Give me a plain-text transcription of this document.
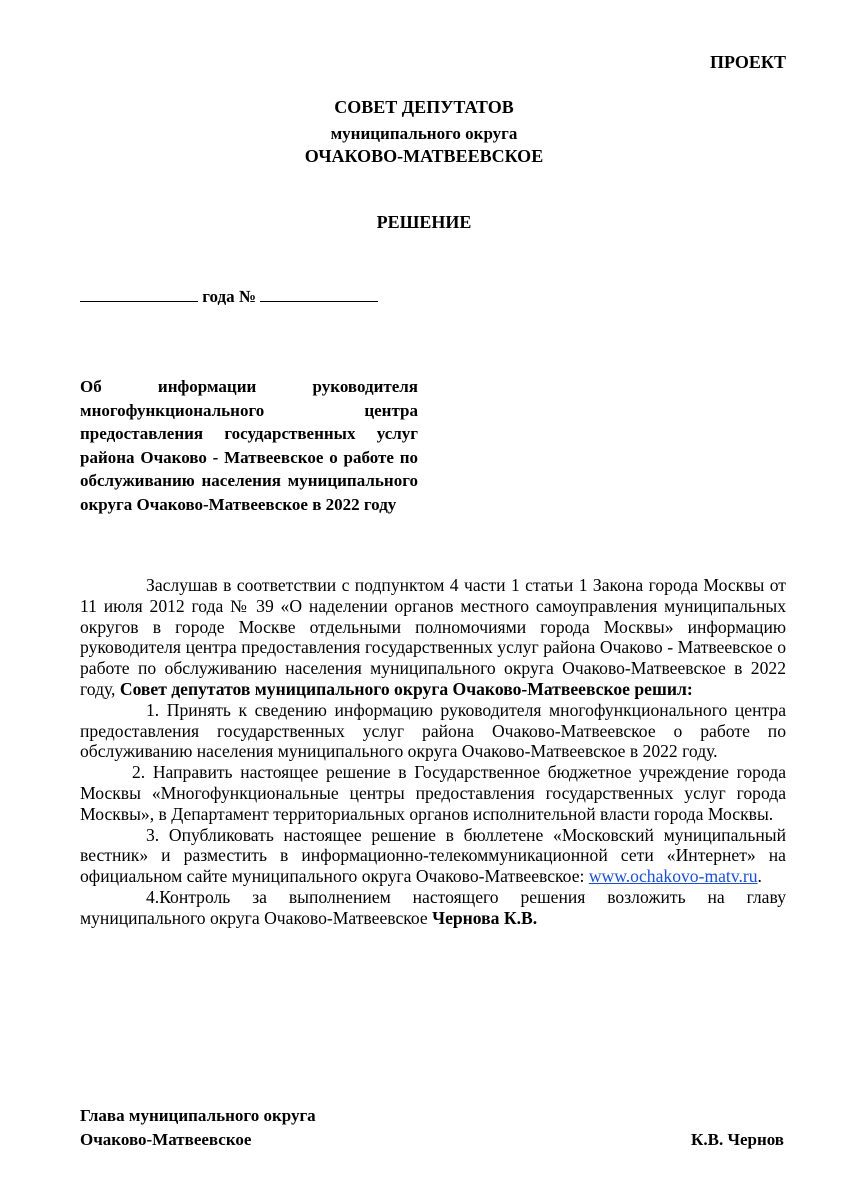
ПРОЕКТ
СОВЕТ ДЕПУТАТОВ
муниципального округа
ОЧАКОВО-МАТВЕЕВСКОЕ
РЕШЕНИЕ
года №
Об информации руководителя многофункционального центра предоставления государственных услуг района Очаково - Матвеевское о работе по обслуживанию населения муниципального округа Очаково-Матвеевское в 2022 году

Заслушав в соответствии с подпунктом 4 части 1 статьи 1 Закона города Москвы от 11 июля 2012 года № 39 «О наделении органов местного самоуправления муниципальных округов в городе Москве отдельными полномочиями города Москвы» информацию руководителя центра предоставления государственных услуг района Очаково - Матвеевское о работе по обслуживанию населения муниципального округа Очаково-Матвеевское в 2022 году, Совет депутатов муниципального округа Очаково-Матвеевское решил:

1. Принять к сведению информацию руководителя многофункционального центра предоставления государственных услуг района Очаково-Матвеевское о работе по обслуживанию населения муниципального округа Очаково-Матвеевское в 2022 году.

2. Направить настоящее решение в Государственное бюджетное учреждение города Москвы «Многофункциональные центры предоставления государственных услуг города Москвы», в Департамент территориальных органов исполнительной власти города Москвы.

3. Опубликовать настоящее решение в бюллетене «Московский муниципальный вестник» и разместить в информационно-телекоммуникационной сети «Интернет» на официальном сайте муниципального округа Очаково-Матвеевское: www.ochakovo-matv.ru.

4.Контроль за выполнением настоящего решения возложить на главу муниципального округа Очаково-Матвеевское Чернова К.В.

Глава муниципального округа
Очаково-Матвеевское	К.В. Чернов
